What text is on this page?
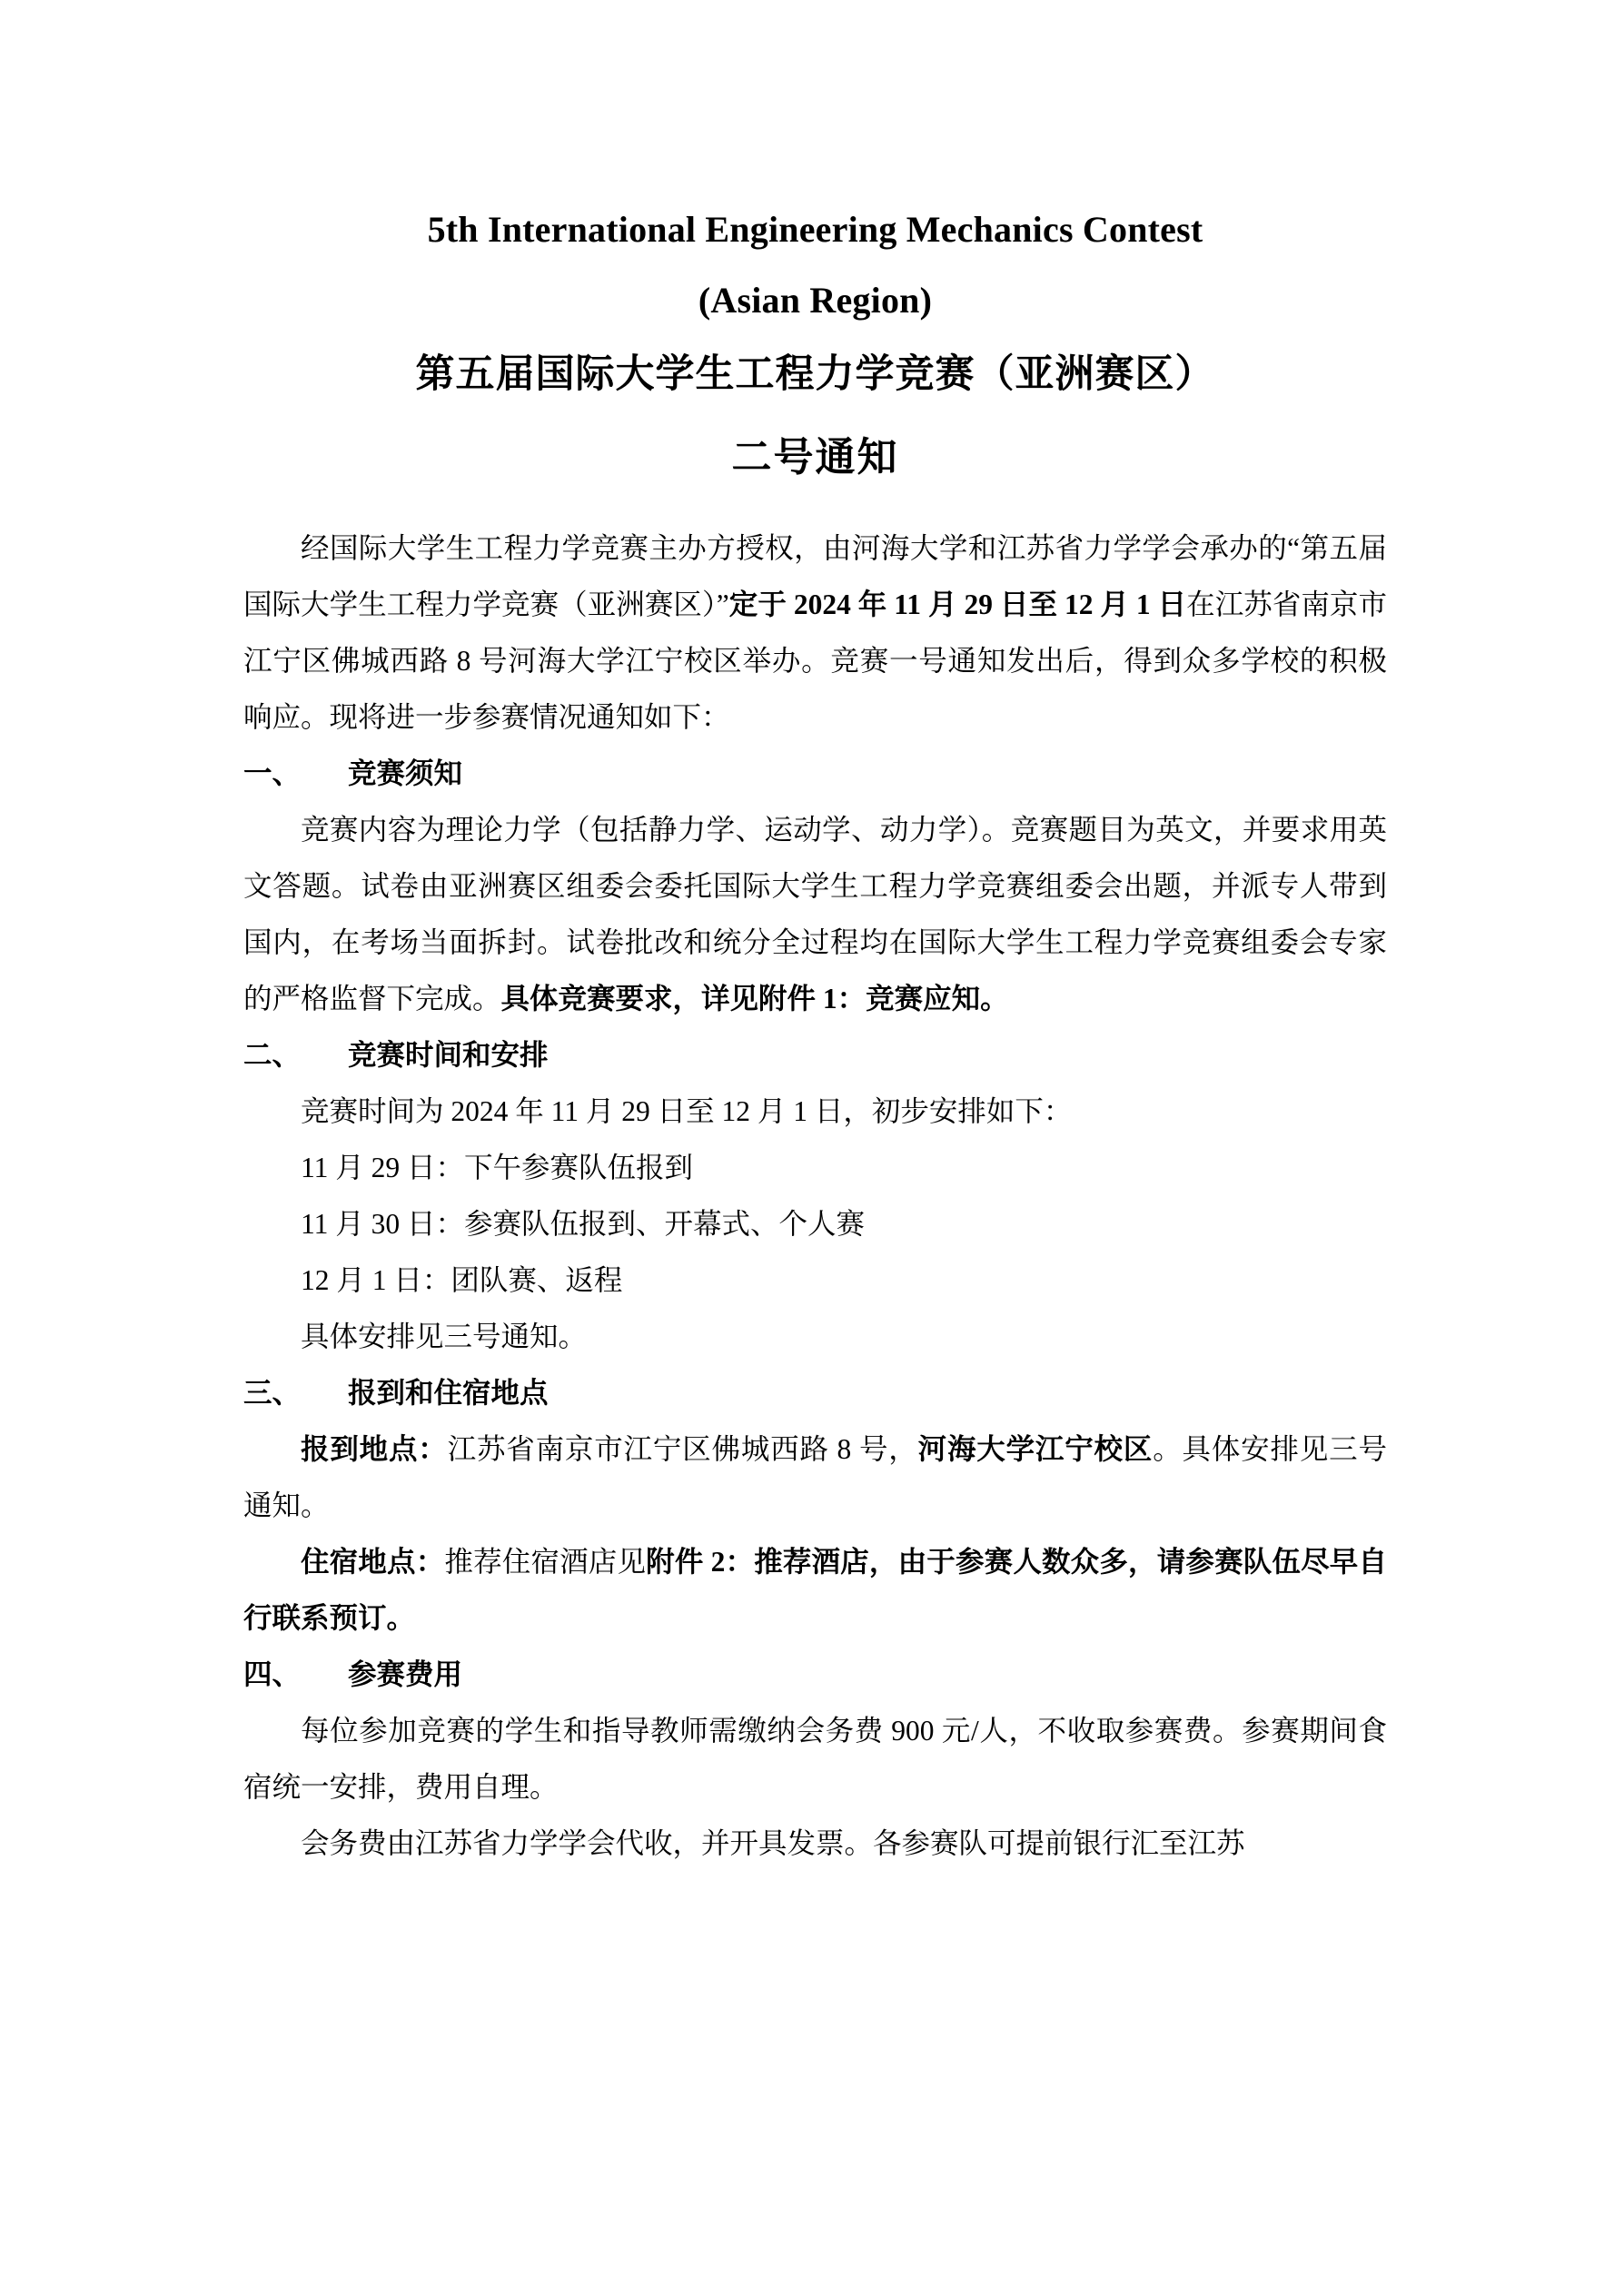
5th International Engineering Mechanics Contest
(Asian Region)
第五届国际大学生工程力学竞赛（亚洲赛区）
二号通知

经国际大学生工程力学竞赛主办方授权，由河海大学和江苏省力学学会承办的“第五届国际大学生工程力学竞赛（亚洲赛区）”定于 2024 年 11 月 29 日至 12 月 1 日在江苏省南京市江宁区佛城西路 8 号河海大学江宁校区举办。竞赛一号通知发出后，得到众多学校的积极响应。现将进一步参赛情况通知如下：

一、 竞赛须知

竞赛内容为理论力学（包括静力学、运动学、动力学）。竞赛题目为英文，并要求用英文答题。试卷由亚洲赛区组委会委托国际大学生工程力学竞赛组委会出题，并派专人带到国内，在考场当面拆封。试卷批改和统分全过程均在国际大学生工程力学竞赛组委会专家的严格监督下完成。具体竞赛要求，详见附件 1：竞赛应知。

二、 竞赛时间和安排

竞赛时间为 2024 年 11 月 29 日至 12 月 1 日，初步安排如下：

11 月 29 日：下午参赛队伍报到

11 月 30 日：参赛队伍报到、开幕式、个人赛

12 月 1 日：团队赛、返程

具体安排见三号通知。

三、 报到和住宿地点

报到地点：江苏省南京市江宁区佛城西路 8 号，河海大学江宁校区。具体安排见三号通知。

住宿地点：推荐住宿酒店见附件 2：推荐酒店，由于参赛人数众多，请参赛队伍尽早自行联系预订。

四、 参赛费用

每位参加竞赛的学生和指导教师需缴纳会务费 900 元/人，不收取参赛费。参赛期间食宿统一安排，费用自理。

会务费由江苏省力学学会代收，并开具发票。各参赛队可提前银行汇至江苏
